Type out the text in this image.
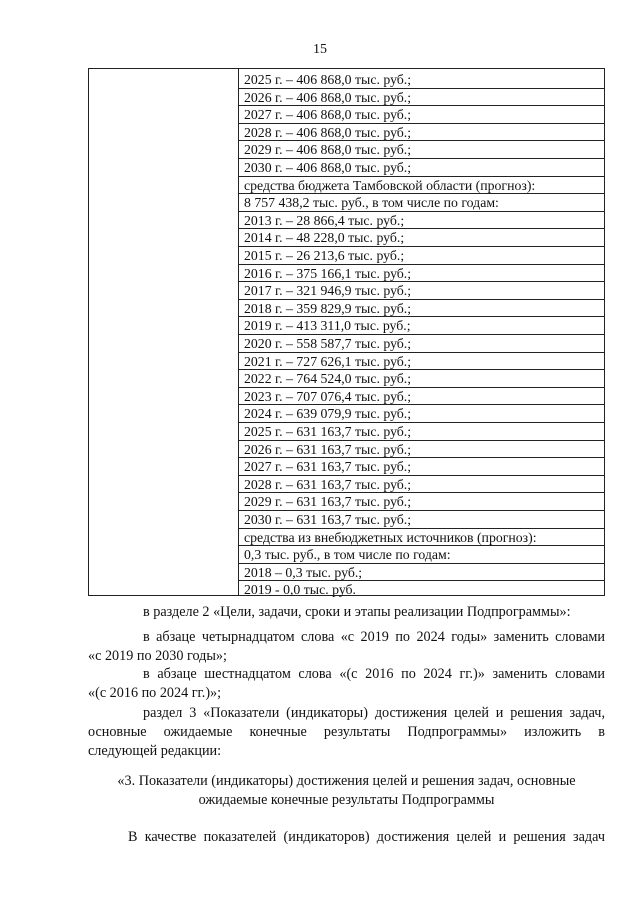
15
2025 г. – 406 868,0 тыс. руб.;
2026 г. – 406 868,0 тыс. руб.;
2027 г. – 406 868,0 тыс. руб.;
2028 г. – 406 868,0 тыс. руб.;
2029 г. – 406 868,0 тыс. руб.;
2030 г. – 406 868,0 тыс. руб.;
средства бюджета Тамбовской области (прогноз):
8 757 438,2 тыс. руб., в том числе по годам:
2013 г. – 28 866,4 тыс. руб.;
2014 г. – 48 228,0 тыс. руб.;
2015 г. – 26 213,6 тыс. руб.;
2016 г. – 375 166,1 тыс. руб.;
2017 г. – 321 946,9 тыс. руб.;
2018 г. – 359 829,9 тыс. руб.;
2019 г. – 413 311,0 тыс. руб.;
2020 г. – 558 587,7 тыс. руб.;
2021 г. – 727 626,1 тыс. руб.;
2022 г. – 764 524,0 тыс. руб.;
2023 г. – 707 076,4 тыс. руб.;
2024 г. – 639 079,9 тыс. руб.;
2025 г. – 631 163,7 тыс. руб.;
2026 г. – 631 163,7 тыс. руб.;
2027 г. – 631 163,7 тыс. руб.;
2028 г. – 631 163,7 тыс. руб.;
2029 г. – 631 163,7 тыс. руб.;
2030 г. – 631 163,7 тыс. руб.;
средства из внебюджетных источников (прогноз):
0,3 тыс. руб., в том числе по годам:
2018 – 0,3 тыс. руб.;
2019 - 0,0 тыс. руб.
в разделе 2 «Цели, задачи, сроки и этапы реализации Подпрограммы»:
в абзаце четырнадцатом слова «с 2019 по 2024 годы» заменить словами
«с 2019 по 2030 годы»;
в абзаце шестнадцатом слова «(с 2016 по 2024 гг.)» заменить словами
«(с 2016 по 2024 гг.)»;
раздел 3 «Показатели (индикаторы) достижения целей и решения задач,
основные ожидаемые конечные результаты Подпрограммы» изложить в
следующей редакции:
«3. Показатели (индикаторы) достижения целей и решения задач, основные
ожидаемые конечные результаты Подпрограммы
В качестве показателей (индикаторов) достижения целей и решения задач
